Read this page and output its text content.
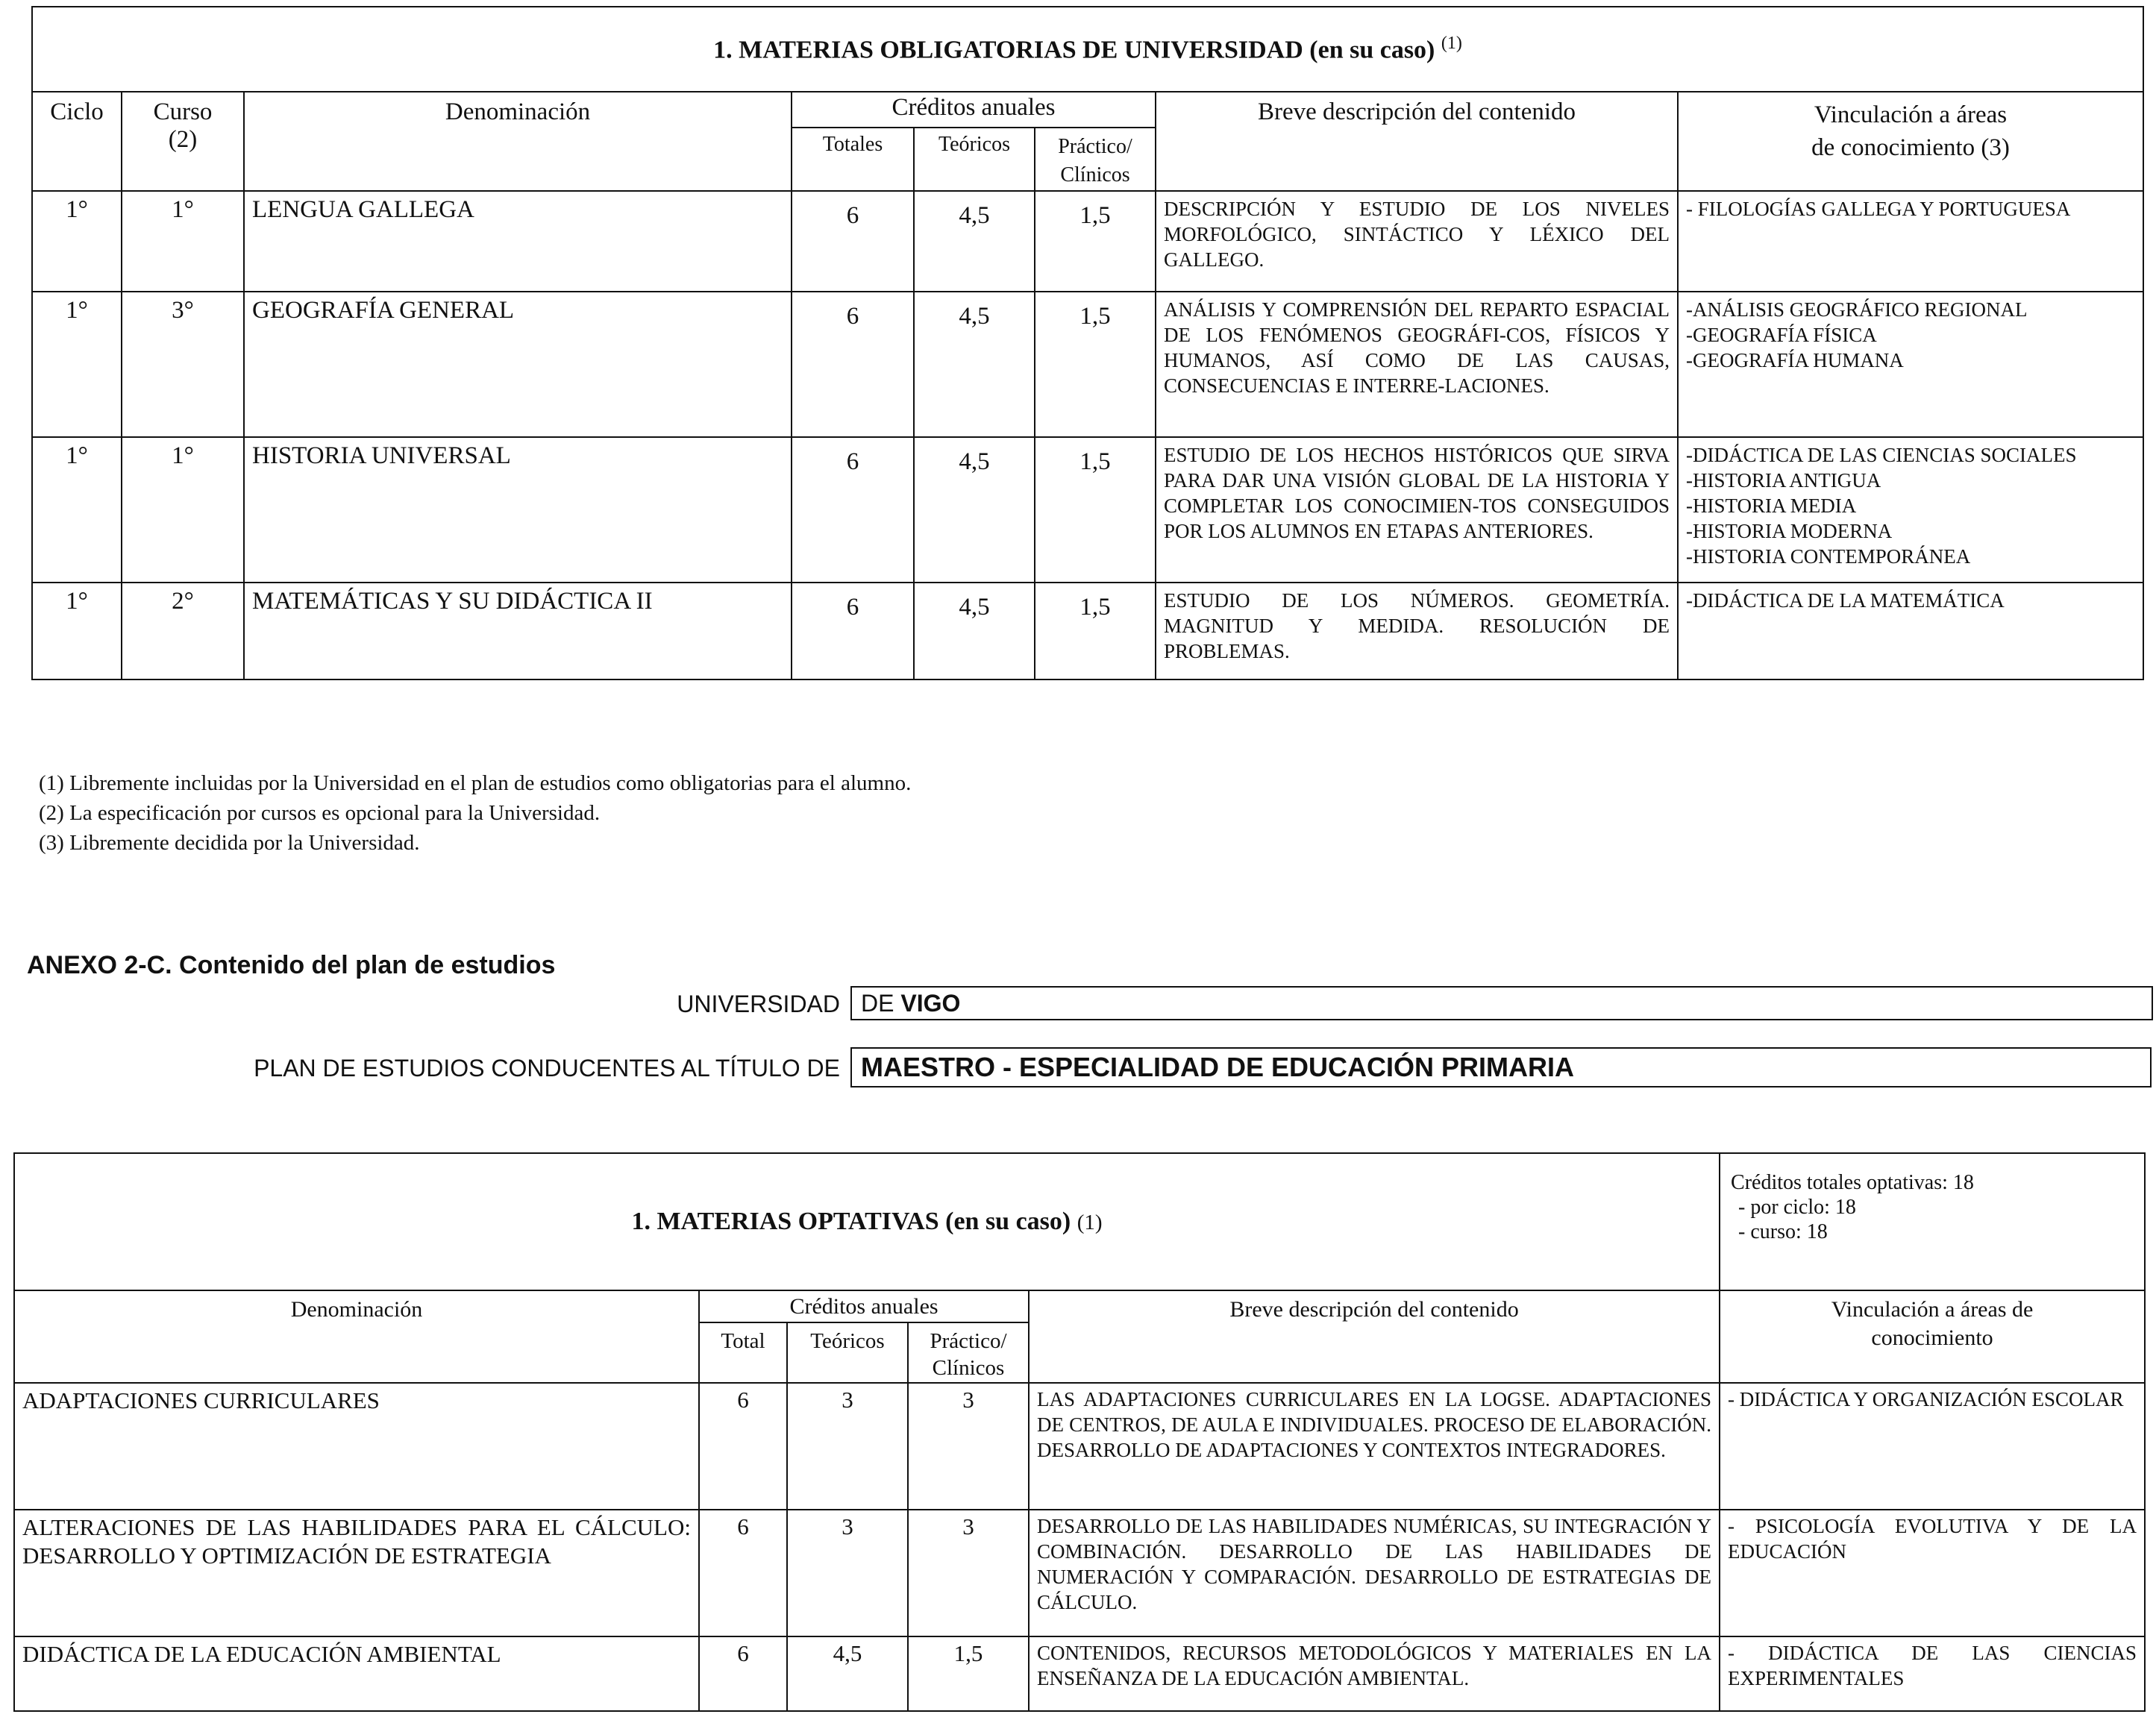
1. MATERIAS OBLIGATORIAS DE UNIVERSIDAD (en su caso) $^{(1)}$
Ciclo	Curso
(2)	Denominación	Créditos anuales			Breve descripción del contenido	Vinculación a áreas
de conocimiento (3)
			Totales	Teóricos	Práctico/ Clínicos		
1°	1°	LENGUA GALLEGA	6	4,5	1,5	DESCRIPCIÓN Y ESTUDIO DE LOS NIVELES MORFOLÓGICO, SINTÁCTICO Y LÉXICO DEL GALLEGO.	- FILOLOGÍAS GALLEGA Y PORTUGUESA

1°	3°	GEOGRAFÍA GENERAL	6	4,5	1,5	ANÁLISIS Y COMPRENSIÓN DEL REPARTO ESPACIAL DE LOS FENÓMENOS GEOGRÁFI-COS, FÍSICOS Y HUMANOS, ASÍ COMO DE LAS CAUSAS, CONSECUENCIAS E INTERRE-LACIONES.	-ANÁLISIS GEOGRÁFICO REGIONAL
-GEOGRAFÍA FÍSICA
-GEOGRAFÍA HUMANA

1°	1°	HISTORIA UNIVERSAL	6	4,5	1,5	ESTUDIO DE LOS HECHOS HISTÓRICOS QUE SIRVA PARA DAR UNA VISIÓN GLOBAL DE LA HISTORIA Y COMPLETAR LOS CONOCIMIEN-TOS CONSEGUIDOS POR LOS ALUMNOS EN ETAPAS ANTERIORES.	-DIDÁCTICA DE LAS CIENCIAS SOCIALES
-HISTORIA ANTIGUA
-HISTORIA MEDIA
-HISTORIA MODERNA
-HISTORIA CONTEMPORÁNEA

1°	2°	MATEMÁTICAS Y SU DIDÁCTICA II	6	4,5	1,5	ESTUDIO DE LOS NÚMEROS. GEOMETRÍA. MAGNITUD Y MEDIDA. RESOLUCIÓN DE PROBLEMAS.	-DIDÁCTICA DE LA MATEMÁTICA
(1) Libremente incluidas por la Universidad en el plan de estudios como obligatorias para el alumno.
(2) La especificación por cursos es opcional para la Universidad.
(3) Libremente decidida por la Universidad.
ANEXO 2-C. Contenido del plan de estudios
UNIVERSIDAD DE VIGO
PLAN DE ESTUDIOS CONDUCENTES AL TÍTULO DE MAESTRO - ESPECIALIDAD DE EDUCACIÓN PRIMARIA
1. MATERIAS OPTATIVAS (en su caso) (1)					Créditos totales optativas: 18
- por ciclo: 18
- curso: 18

Denominación	Créditos anuales			Breve descripción del contenido	Vinculación a áreas de conocimiento
	Total	Teóricos	Práctico/ Clínicos		
ADAPTACIONES CURRICULARES	6	3	3	LAS ADAPTACIONES CURRICULARES EN LA LOGSE. ADAPTACIONES DE CENTROS, DE AULA E INDIVIDUALES. PROCESO DE ELABORACIÓN. DESARROLLO DE ADAPTACIONES Y CONTEXTOS INTEGRADORES.	- DIDÁCTICA Y ORGANIZACIÓN ESCOLAR
ALTERACIONES DE LAS HABILIDADES PARA EL CÁLCULO: DESARROLLO Y OPTIMIZACIÓN DE ESTRATEGIA	6	3	3	DESARROLLO DE LAS HABILIDADES NUMÉRICAS, SU INTEGRACIÓN Y COMBINACIÓN. DESARROLLO DE LAS HABILIDADES DE NUMERACIÓN Y COMPARACIÓN. DESARROLLO DE ESTRATEGIAS DE CÁLCULO.	- PSICOLOGÍA EVOLUTIVA Y DE LA EDUCACIÓN
DIDÁCTICA DE LA EDUCACIÓN AMBIENTAL	6	4,5	1,5	CONTENIDOS, RECURSOS METODOLÓGICOS Y MATERIALES EN LA ENSEÑANZA DE LA EDUCACIÓN AMBIENTAL.	- DIDÁCTICA DE LAS CIENCIAS EXPERIMENTALES
